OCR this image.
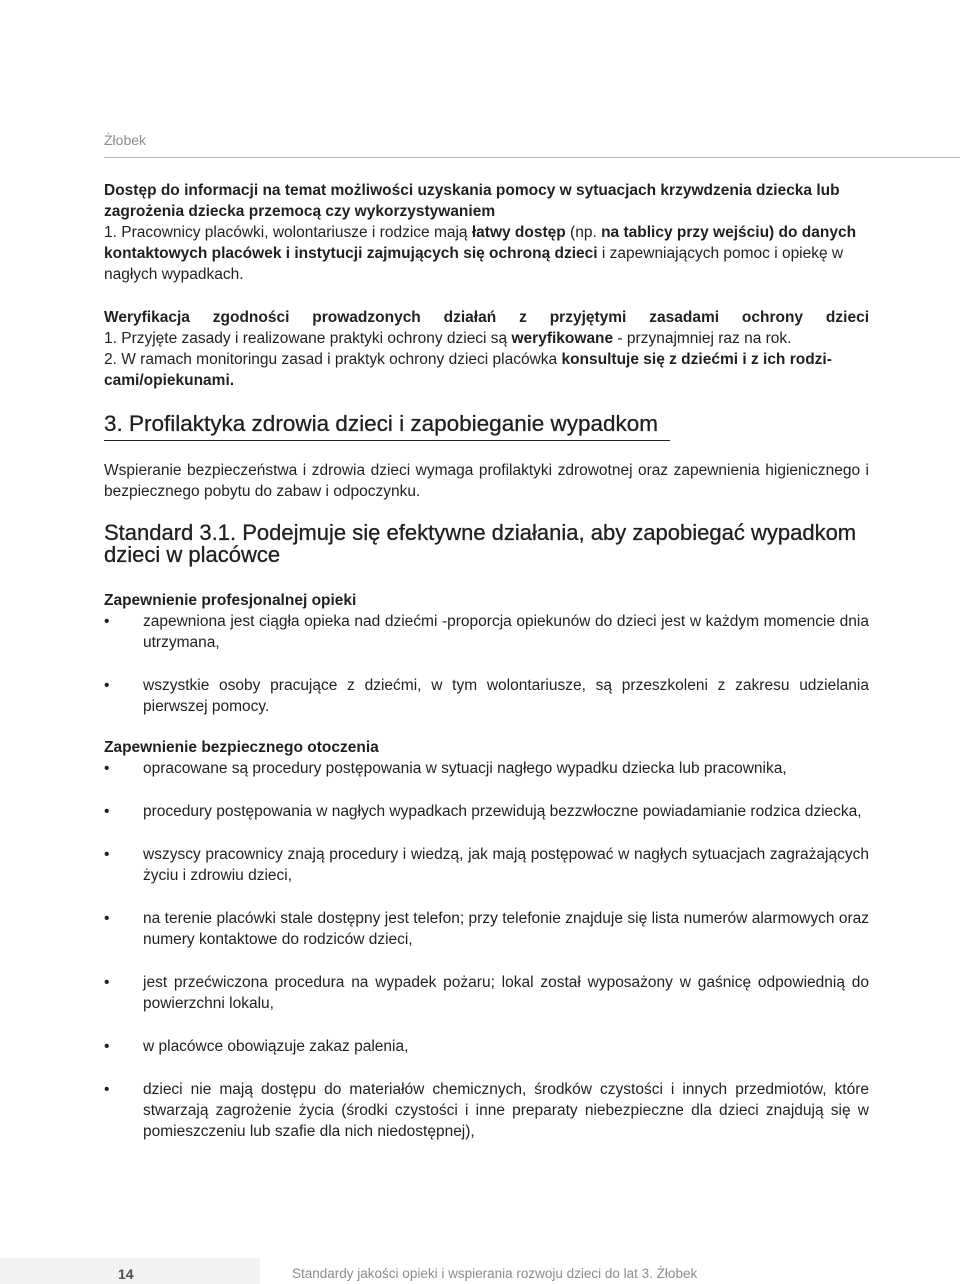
Żłobek

Dostęp do informacji na temat możliwości uzyskania pomocy w sytuacjach krzywdzenia dziecka lub zagrożenia dziecka przemocą czy wykorzystywaniem

1. Pracownicy placówki, wolontariusze i rodzice mają łatwy dostęp (np. na tablicy przy wejściu) do danych kontaktowych placówek i instytucji zajmujących się ochroną dzieci i zapewniających pomoc i opiekę w nagłych wypadkach.

Weryfikacja zgodności prowadzonych działań z przyjętymi zasadami ochrony dzieci

1. Przyjęte zasady i realizowane praktyki ochrony dzieci są weryfikowane - przynajmniej raz na rok.

2. W ramach monitoringu zasad i praktyk ochrony dzieci placówka konsultuje się z dziećmi i z ich rodzicami/opiekunami.

3. Profilaktyka zdrowia dzieci i zapobieganie wypadkom

Wspieranie bezpieczeństwa i zdrowia dzieci wymaga profilaktyki zdrowotnej oraz zapewnienia higienicznego i bezpiecznego pobytu do zabaw i odpoczynku.

Standard 3.1. Podejmuje się efektywne działania, aby zapobiegać wypadkom dzieci w placówce

Zapewnienie profesjonalnej opieki

• zapewniona jest ciągła opieka nad dziećmi -proporcja opiekunów do dzieci jest w każdym momencie dnia utrzymana,
• wszystkie osoby pracujące z dziećmi, w tym wolontariusze, są przeszkoleni z zakresu udzielania pierwszej pomocy.

Zapewnienie bezpiecznego otoczenia

• opracowane są procedury postępowania w sytuacji nagłego wypadku dziecka lub pracownika,
• procedury postępowania w nagłych wypadkach przewidują bezzwłoczne powiadamianie rodzica dziecka,
• wszyscy pracownicy znają procedury i wiedzą, jak mają postępować w nagłych sytuacjach zagrażających życiu i zdrowiu dzieci,
• na terenie placówki stale dostępny jest telefon; przy telefonie znajduje się lista numerów alarmowych oraz numery kontaktowe do rodziców dzieci,
• jest przećwiczona procedura na wypadek pożaru; lokal został wyposażony w gaśnicę odpowiednią do powierzchni lokalu,
• w placówce obowiązuje zakaz palenia,
• dzieci nie mają dostępu do materiałów chemicznych, środków czystości i innych przedmiotów, które stwarzają zagrożenie życia (środki czystości i inne preparaty niebezpieczne dla dzieci znajdują się w pomieszczeniu lub szafie dla nich niedostępnej),
14	Standardy jakości opieki i wspierania rozwoju dzieci do lat 3. Żłobek
